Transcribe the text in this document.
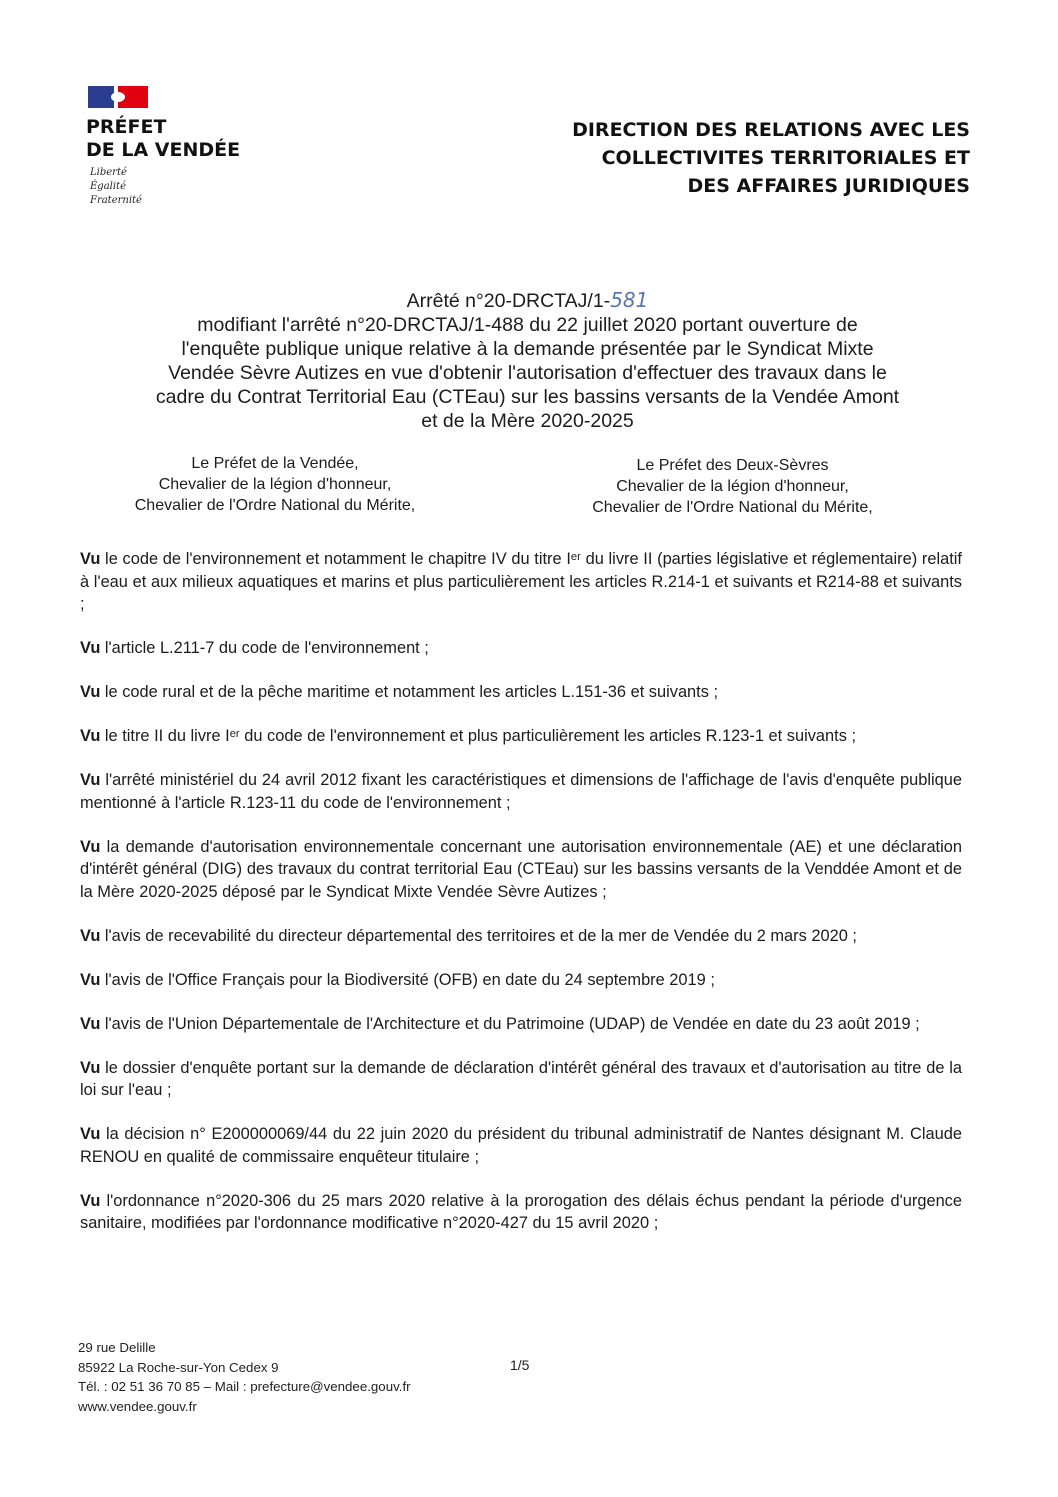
PRÉFET
DE LA VENDÉE
Liberté
Égalité
Fraternité
DIRECTION DES RELATIONS AVEC LES
COLLECTIVITES TERRITORIALES ET
DES AFFAIRES JURIDIQUES

Arrêté n°20-DRCTAJ/1-581

modifiant l'arrêté n°20-DRCTAJ/1-488 du 22 juillet 2020 portant ouverture de

l'enquête publique unique relative à la demande présentée par le Syndicat Mixte

Vendée Sèvre Autizes en vue d'obtenir l'autorisation d'effectuer des travaux dans le

cadre du Contrat Territorial Eau (CTEau) sur les bassins versants de la Vendée Amont

et de la Mère 2020-2025

Le Préfet de la Vendée,
Chevalier de la légion d'honneur,
Chevalier de l'Ordre National du Mérite,
Le Préfet des Deux-Sèvres
Chevalier de la légion d'honneur,
Chevalier de l'Ordre National du Mérite,

Vu le code de l'environnement et notamment le chapitre IV du titre Iᵉʳ du livre II (parties législative et réglementaire) relatif à l'eau et aux milieux aquatiques et marins et plus particulièrement les articles R.214-1 et suivants et R214-88 et suivants ;

Vu l'article L.211-7 du code de l'environnement ;

Vu le code rural et de la pêche maritime et notamment les articles L.151-36 et suivants ;

Vu le titre II du livre Iᵉʳ du code de l'environnement et plus particulièrement les articles R.123-1 et suivants ;

Vu l'arrêté ministériel du 24 avril 2012 fixant les caractéristiques et dimensions de l'affichage de l'avis d'enquête publique mentionné à l'article R.123-11 du code de l'environnement ;

Vu la demande d'autorisation environnementale concernant une autorisation environnementale (AE) et une déclaration d'intérêt général (DIG) des travaux du contrat territorial Eau (CTEau) sur les bassins versants de la Venddée Amont et de la Mère 2020-2025 déposé par le Syndicat Mixte Vendée Sèvre Autizes ;

Vu l'avis de recevabilité du directeur départemental des territoires et de la mer de Vendée du 2 mars 2020 ;

Vu l'avis de l'Office Français pour la Biodiversité (OFB) en date du 24 septembre 2019 ;

Vu l'avis de l'Union Départementale de l'Architecture et du Patrimoine (UDAP) de Vendée en date du 23 août 2019 ;

Vu le dossier d'enquête portant sur la demande de déclaration d'intérêt général des travaux et d'autorisation au titre de la loi sur l'eau ;

Vu la décision n° E200000069/44 du 22 juin 2020 du président du tribunal administratif de Nantes désignant M. Claude RENOU en qualité de commissaire enquêteur titulaire ;

Vu l'ordonnance n°2020-306 du 25 mars 2020 relative à la prorogation des délais échus pendant la période d'urgence sanitaire, modifiées par l'ordonnance modificative n°2020-427 du 15 avril 2020 ;

29 rue Delille
85922 La Roche-sur-Yon Cedex 9
Tél. : 02 51 36 70 85 – Mail : prefecture@vendee.gouv.fr
www.vendee.gouv.fr
1/5
